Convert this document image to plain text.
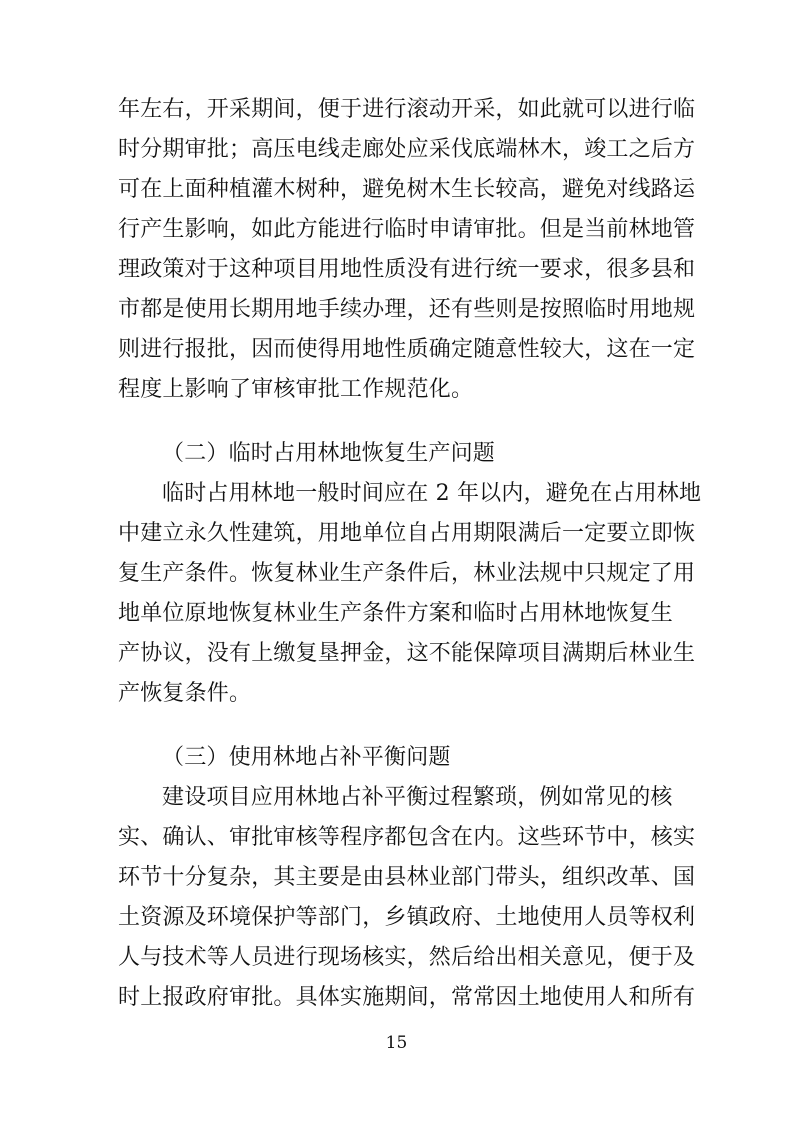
年左右，开采期间，便于进行滚动开采，如此就可以进行临
时分期审批；高压电线走廊处应采伐底端林木，竣工之后方
可在上面种植灌木树种，避免树木生长较高，避免对线路运
行产生影响，如此方能进行临时申请审批。但是当前林地管
理政策对于这种项目用地性质没有进行统一要求，很多县和
市都是使用长期用地手续办理，还有些则是按照临时用地规
则进行报批，因而使得用地性质确定随意性较大，这在一定
程度上影响了审核审批工作规范化。
（二）临时占用林地恢复生产问题
临时占用林地一般时间应在 2 年以内，避免在占用林地
中建立永久性建筑，用地单位自占用期限满后一定要立即恢
复生产条件。恢复林业生产条件后，林业法规中只规定了用
地单位原地恢复林业生产条件方案和临时占用林地恢复生
产协议，没有上缴复垦押金，这不能保障项目满期后林业生
产恢复条件。
（三）使用林地占补平衡问题
建设项目应用林地占补平衡过程繁琐，例如常见的核
实、确认、审批审核等程序都包含在内。这些环节中，核实
环节十分复杂，其主要是由县林业部门带头，组织改革、国
土资源及环境保护等部门，乡镇政府、土地使用人员等权利
人与技术等人员进行现场核实，然后给出相关意见，便于及
时上报政府审批。具体实施期间，常常因土地使用人和所有
15
